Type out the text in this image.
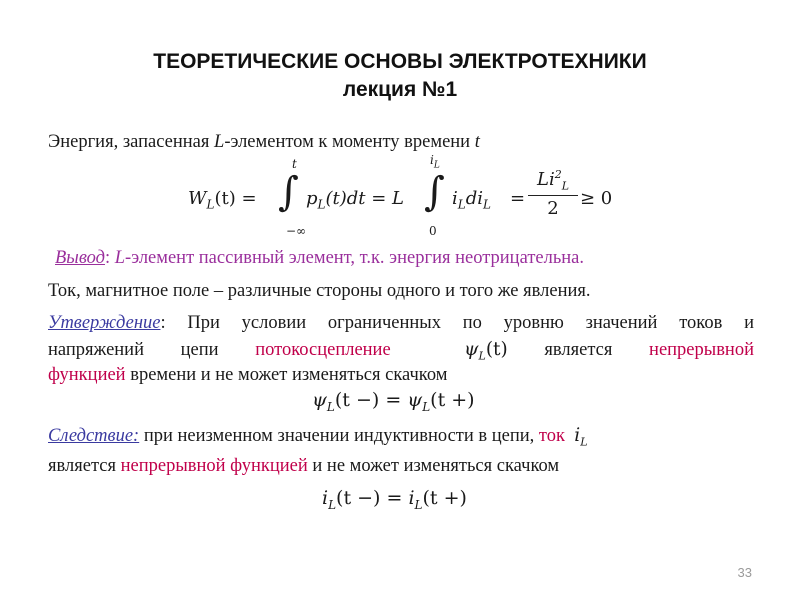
ТЕОРЕТИЧЕСКИЕ ОСНОВЫ ЭЛЕКТРОТЕХНИКИ
лекция №1
Энергия, запасенная L-элементом к моменту времени t
$W_L(t)$ =
t
∫
−∞
$p_L(t)dt = L$
$i_L$
∫
0
$i_Ldi_L$ =
$Li^2_L$
2	≥ 0
Вывод: L-элемент пассивный элемент, т.к. энергия неотрицательна.
Ток, магнитное поле – различные стороны одного и того же явления.
Утверждение: При условии ограниченных по уровню значений токов и
напряжений цепи потокосцепление	$\psi_L(t)$ является непрерывной
функцией времени и не может изменяться скачком
$\psi_L(t$ −) = $\psi_L(t$ +)
Следствие: при неизменном значении индуктивности в цепи, ток $i_L$
является непрерывной функцией и не может изменяться скачком
$i_L(t$ −) = $i_L(t$ +)
33
